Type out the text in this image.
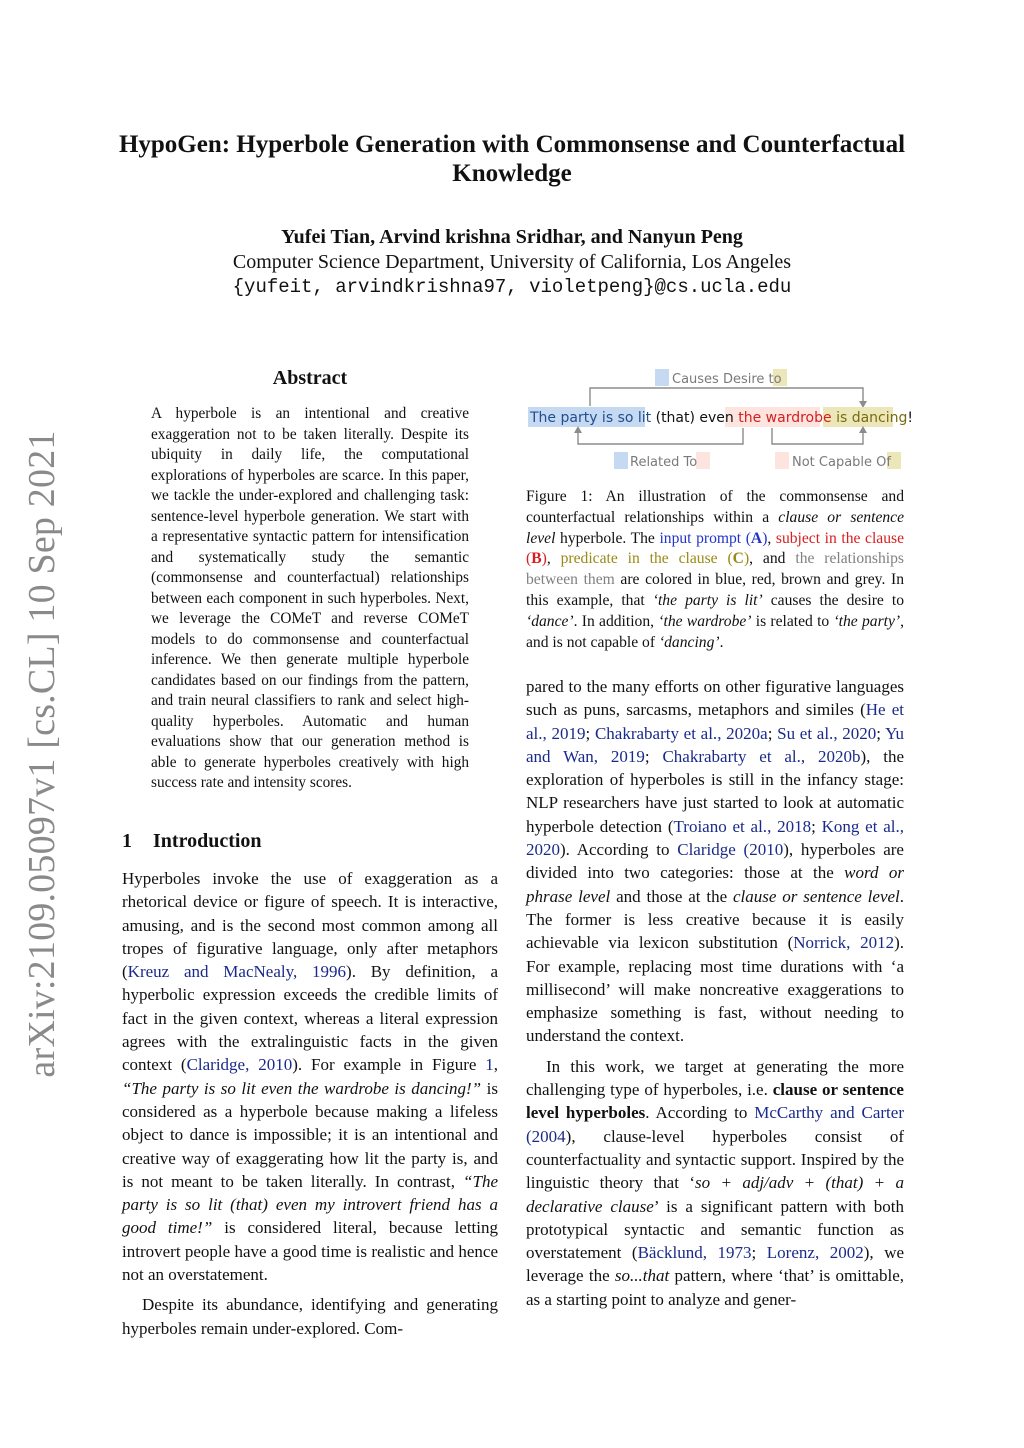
arXiv:2109.05097v1 [cs.CL] 10 Sep 2021
HypoGen: Hyperbole Generation with Commonsense and Counterfactual
Knowledge
Yufei Tian, Arvind krishna Sridhar, and Nanyun Peng
Computer Science Department, University of California, Los Angeles
{yufeit, arvindkrishna97, violetpeng}@cs.ucla.edu
Abstract
A hyperbole is an intentional and creative exaggeration not to be taken literally. Despite its ubiquity in daily life, the computational explorations of hyperboles are scarce. In this paper, we tackle the under-explored and challenging task: sentence-level hyperbole generation. We start with a representative syntactic pattern for intensification and systematically study the semantic (commonsense and counterfactual) relationships between each component in such hyperboles. Next, we leverage the COMeT and reverse COMeT models to do commonsense and counterfactual inference. We then generate multiple hyperbole candidates based on our findings from the pattern, and train neural classifiers to rank and select high-quality hyperboles. Automatic and human evaluations show that our generation method is able to generate hyperboles creatively with high success rate and intensity scores.
1 Introduction
Causes Desire to
The party is so lit (that) even the wardrobe is dancing!
Related To	Not Capable Of
Figure 1: An illustration of the commonsense and counterfactual relationships within a clause or sentence level hyperbole. The input prompt (A), subject in the clause (B), predicate in the clause (C), and the relationships between them are colored in blue, red, brown and grey. In this example, that ‘the party is lit’ causes the desire to ‘dance’. In addition, ‘the wardrobe’ is related to ‘the party’, and is not capable of ‘dancing’.

Hyperboles invoke the use of exaggeration as a rhetorical device or figure of speech. It is interactive, amusing, and is the second most common among all tropes of figurative language, only after metaphors (Kreuz and MacNealy, 1996). By definition, a hyperbolic expression exceeds the credible limits of fact in the given context, whereas a literal expression agrees with the extralinguistic facts in the given context (Claridge, 2010). For example in Figure 1, “The party is so lit even the wardrobe is dancing!” is considered as a hyperbole because making a lifeless object to dance is impossible; it is an intentional and creative way of exaggerating how lit the party is, and is not meant to be taken literally. In contrast, “The party is so lit (that) even my introvert friend has a good time!” is considered literal, because letting introvert people have a good time is realistic and hence not an overstatement.

Despite its abundance, identifying and generating hyperboles remain under-explored. Com-

pared to the many efforts on other figurative languages such as puns, sarcasms, metaphors and similes (He et al., 2019; Chakrabarty et al., 2020a; Su et al., 2020; Yu and Wan, 2019; Chakrabarty et al., 2020b), the exploration of hyperboles is still in the infancy stage: NLP researchers have just started to look at automatic hyperbole detection (Troiano et al., 2018; Kong et al., 2020). According to Claridge (2010), hyperboles are divided into two categories: those at the word or phrase level and those at the clause or sentence level. The former is less creative because it is easily achievable via lexicon substitution (Norrick, 2012). For example, replacing most time durations with ‘a millisecond’ will make noncreative exaggerations to emphasize something is fast, without needing to understand the context.

In this work, we target at generating the more challenging type of hyperboles, i.e. clause or sentence level hyperboles. According to McCarthy and Carter (2004), clause-level hyperboles consist of counterfactuality and syntactic support. Inspired by the linguistic theory that ‘so + adj/adv + (that) + a declarative clause’ is a significant pattern with both prototypical syntactic and semantic function as overstatement (Bäcklund, 1973; Lorenz, 2002), we leverage the so...that pattern, where ‘that’ is omittable, as a starting point to analyze and gener-
